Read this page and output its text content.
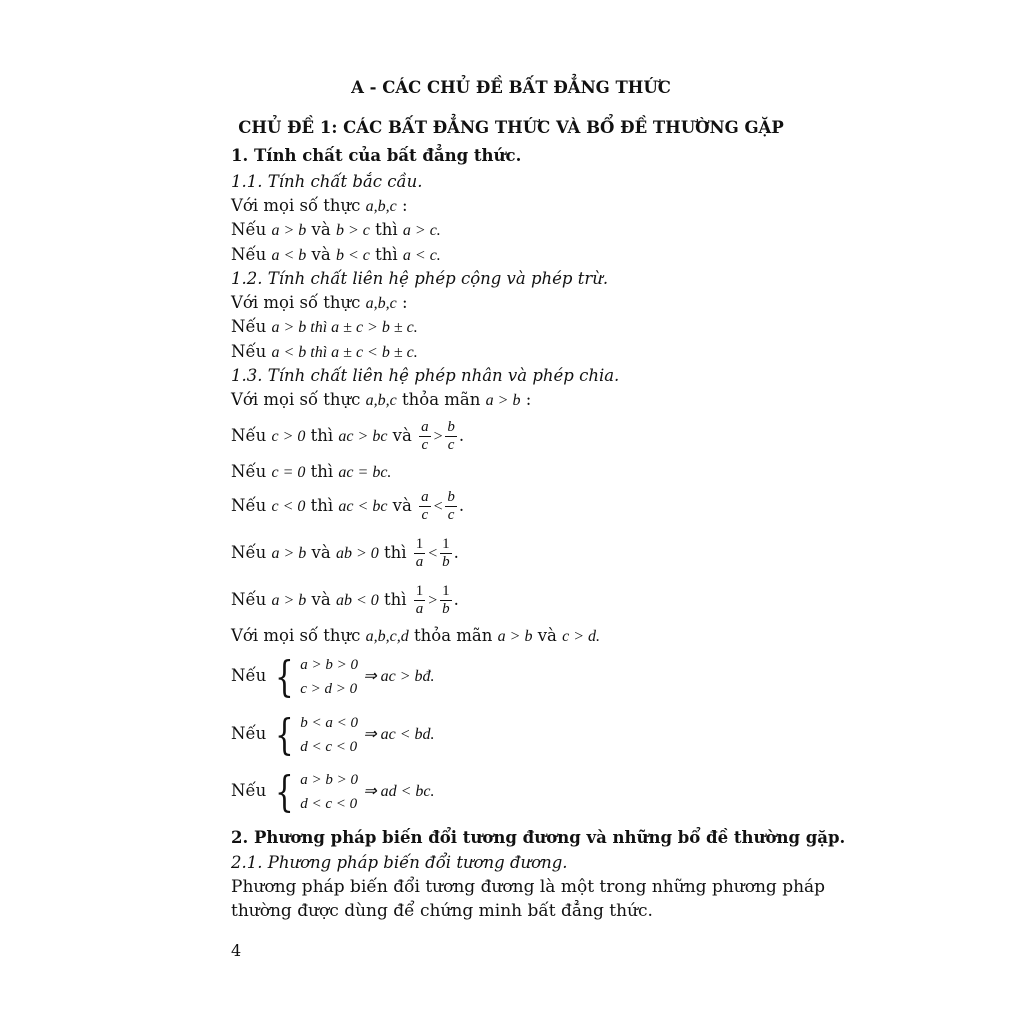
A - CÁC CHỦ ĐỀ BẤT ĐẲNG THỨC
CHỦ ĐỀ 1: CÁC BẤT ĐẲNG THỨC VÀ BỔ ĐỀ THƯỜNG GẶP
1. Tính chất của bất đẳng thức.
1.1. Tính chất bắc cầu.
Với mọi số thực a,b,c :
Nếu a > b và b > c thì a > c.
Nếu a < b và b < c thì a < c.
1.2. Tính chất liên hệ phép cộng và phép trừ.
Với mọi số thực a,b,c :
Nếu a > b thì a ± c > b ± c.
Nếu a < b thì a ± c < b ± c.
1.3. Tính chất liên hệ phép nhân và phép chia.
Với mọi số thực a,b,c thỏa mãn a > b :
Nếu c > 0 thì ac > bc và $\frac{a}{c} > \frac{b}{c}$ .
Nếu c = 0 thì ac = bc.
Nếu c < 0 thì ac < bc và $\frac{a}{c} < \frac{b}{c}$ .
Nếu a > b và ab > 0 thì $\frac{1}{a} < \frac{1}{b}$ .
Nếu a > b và ab < 0 thì $\frac{1}{a} > \frac{1}{b}$ .
Với mọi số thực a,b,c,d thỏa mãn a > b và c > d.
Nếu { a > b > 0
c > d > 0
⇒ ac > bđ.
Nếu { b < a < 0
d < c < 0
⇒ ac < bd.
Nếu { a > b > 0
d < c < 0
⇒ ad < bc.
2. Phương pháp biến đổi tương đương và những bổ đề thường gặp.
2.1. Phương pháp biến đổi tương đương.
Phương pháp biến đổi tương đương là một trong những phương pháp
thường được dùng để chứng minh bất đẳng thức.
4
